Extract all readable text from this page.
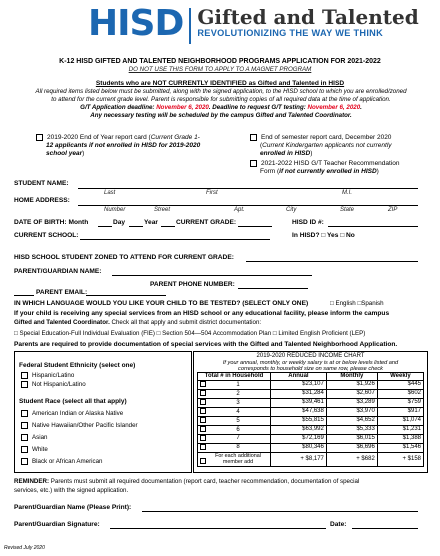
HISD Gifted and Talented
REVOLUTIONIZING THE WAY WE THINK
K-12 HISD GIFTED AND TALENTED NEIGHBORHOOD PROGRAMS APPLICATION FOR 2021-2022
DO NOT USE THIS FORM TO APPLY TO A MAGNET PROGRAM
Students who are NOT CURRENTLY IDENTIFIED as Gifted and Talented in HISD
All required items listed below must be submitted, along with the signed application, to the HISD school to which you are enrolled/zoned
to attend for the current grade level. Parent is responsible for submitting copies of all required data at the time of application.
G/T Application deadline: November 6, 2020. Deadline to request G/T testing: November 6, 2020.
Any necessary testing will be scheduled by the campus Gifted and Talented Coordinator.
2019-2020 End of Year report card (Current Grade 1-
12 applicants if not enrolled in HISD for 2019-2020
school year)
End of semester report card, December 2020
(Current Kindergarten applicants not currently
enrolled in HISD)
2021-2022 HISD G/T Teacher Recommendation
Form (if not currently enrolled in HISD)
STUDENT NAME:
Last	First	M.I.
HOME ADDRESS:
Number	Street	Apt.	City	State	ZIP
DATE OF BIRTH: Month	Day	Year	CURRENT GRADE:	HISD ID #:
CURRENT SCHOOL:	In HISD? □ Yes □ No
HISD SCHOOL STUDENT ZONED TO ATTEND FOR CURRENT GRADE:
PARENT/GUARDIAN NAME:
PARENT PHONE NUMBER:
PARENT EMAIL:
IN WHICH LANGUAGE WOULD YOU LIKE YOUR CHILD TO BE TESTED? (SELECT ONLY ONE)	□ English □Spanish
If your child is receiving any special services from an HISD school or any educational facility, please inform the campus
Gifted and Talented Coordinator. Check all that apply and submit district documentation:
□ Special Education-Full Individual Evaluation (FIE) □ Section 504—504 Accommodation Plan □ Limited English Proficient (LEP)
Parents are required to provide documentation of special services with the Gifted and Talented Neighborhood Application.
Federal Student Ethnicity (select one)
Hispanic/Latino
Not Hispanic/Latino
Student Race (select all that apply)
American Indian or Alaska Native
Native Hawaiian/Other Pacific Islander
Asian
White
Black or African American
2019-2020 REDUCED INCOME CHART
If your annual, monthly, or weekly salary is at or below levels listed and
corresponds to household size on same row, please check
Total # in Household	Annual	Monthly	Weekly
1	$23,107	$1,926	$445
2	$31,284	$2,607	$602
3	$39,461	$3,289	$759
4	$47,638	$3,970	$917
5	$55,815	$4,652	$1,074
6	$63,992	$5,333	$1,231
7	$72,169	$6,015	$1,388
8	$80,346	$6,696	$1,546
For each additional member add	+ $8,177	+ $682	+ $158
REMINDER: Parents must submit all required documentation (report card, teacher recommendation, documentation of special
services, etc.) with the signed application.
Parent/Guardian Name (Please Print):
Parent/Guardian Signature:	Date:
Revised July 2020
